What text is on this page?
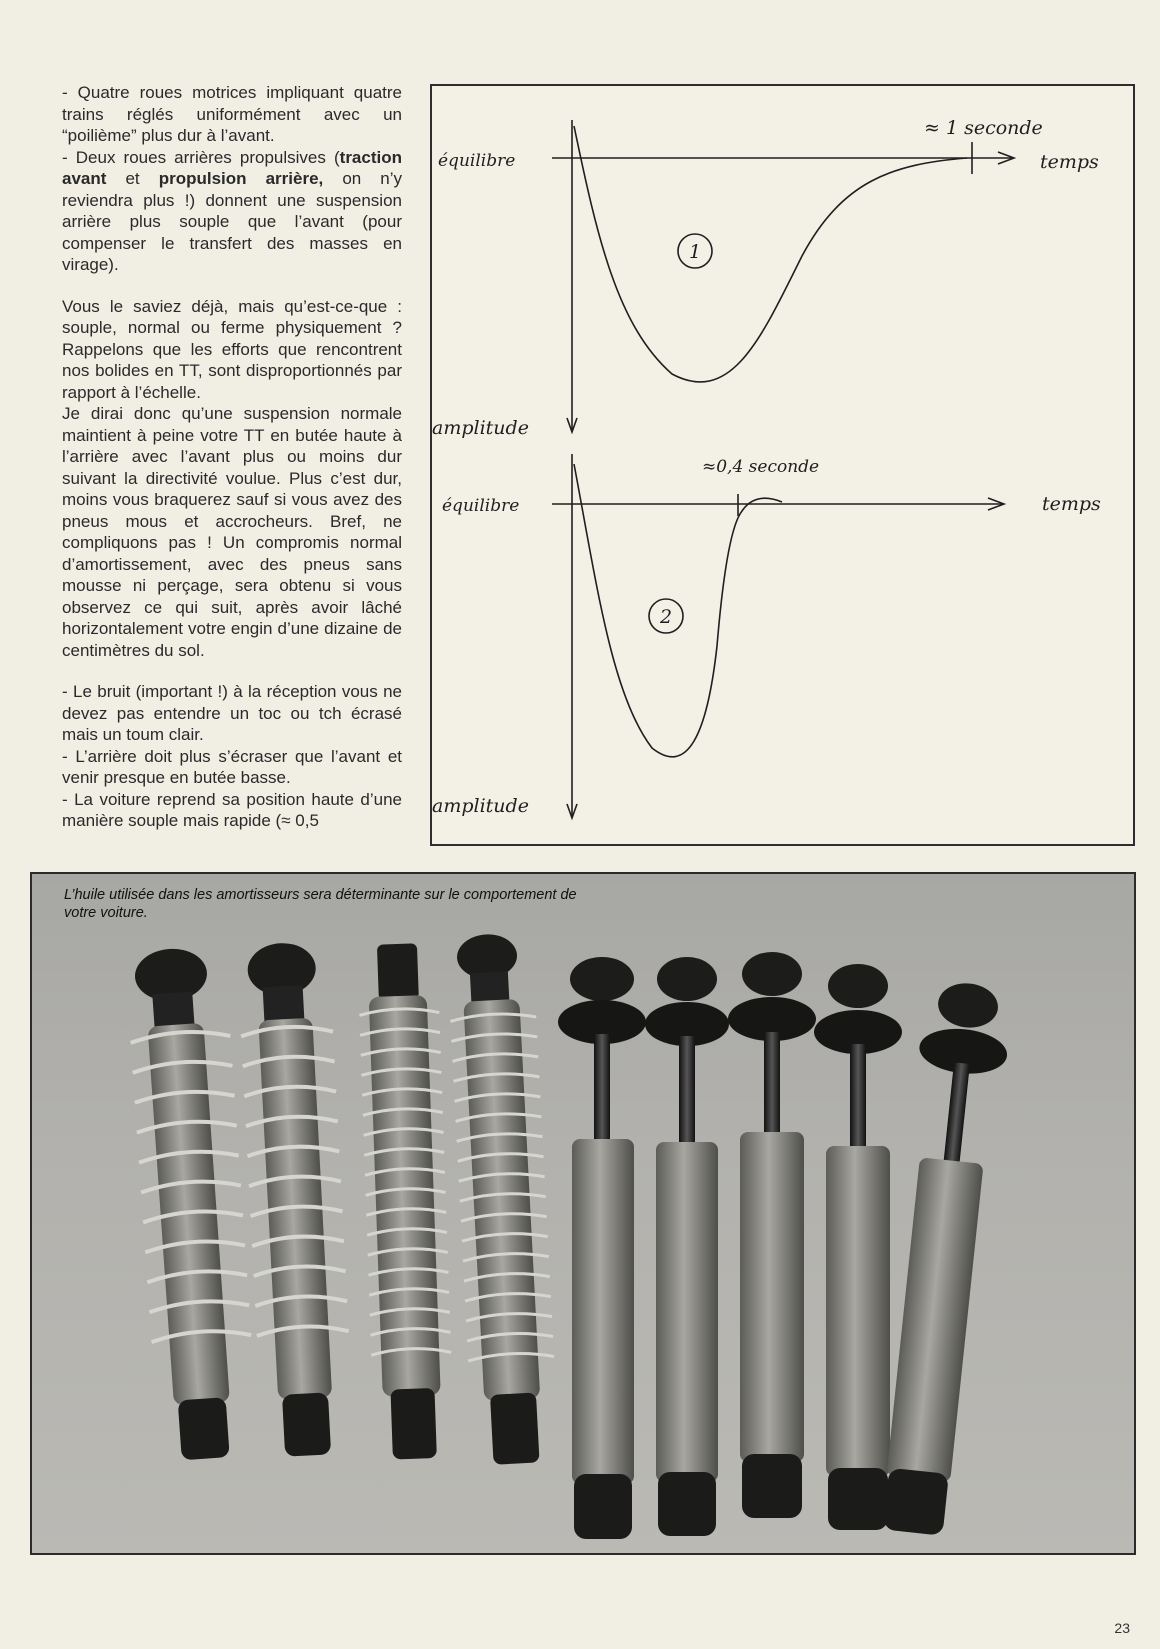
- Quatre roues motrices impliquant quatre trains réglés uniformément avec un “poilième” plus dur à l’avant.

- Deux roues arrières propulsives (traction avant et propulsion arrière, on n’y reviendra plus !) donnent une suspension arrière plus souple que l’avant (pour compenser le transfert des masses en virage).

Vous le saviez déjà, mais qu’est-ce-que : souple, normal ou ferme physiquement ? Rappelons que les efforts que rencontrent nos bolides en TT, sont disproportionnés par rapport à l’échelle.

Je dirai donc qu’une suspension normale maintient à peine votre TT en butée haute à l’arrière avec l’avant plus ou moins dur suivant la directivité voulue. Plus c’est dur, moins vous braquerez sauf si vous avez des pneus mous et accrocheurs. Bref, ne compliquons pas ! Un compromis normal d’amortissement, avec des pneus sans mousse ni perçage, sera obtenu si vous observez ce qui suit, après avoir lâché horizontalement votre engin d’une dizaine de centimètres du sol.

- Le bruit (important !) à la réception vous ne devez pas entendre un toc ou tch écrasé mais un toum clair.

- L’arrière doit plus s’écraser que l’avant et venir presque en butée basse.

- La voiture reprend sa position haute d’une manière souple mais rapide (≈ 0,5

équilibre	temps
amplitude
≈ 1 seconde
1
équilibre	temps
amplitude
≈0,4 seconde
2
L’huile utilisée dans les amortisseurs sera déterminante sur le comportement de votre voiture.
23
